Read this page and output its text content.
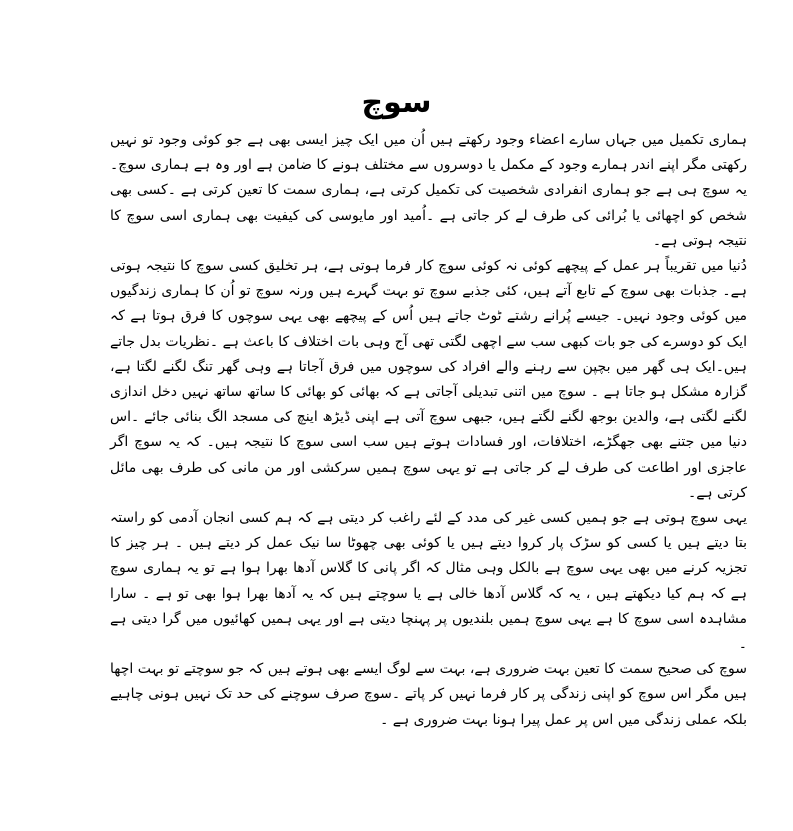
سوچ

ہماری تکمیل میں جہاں سارے اعضاء وجود رکھتے ہیں اُن میں ایک چیز ایسی بھی ہے جو کوئی وجود تو نہیں رکھتی مگر اپنے اندر ہمارے وجود کے مکمل یا دوسروں سے مختلف ہونے کا ضامن ہے اور وہ ہے ہماری سوچ۔ یہ سوچ ہی ہے جو ہماری انفرادی شخصیت کی تکمیل کرتی ہے، ہماری سمت کا تعین کرتی ہے ۔کسی بھی شخص کو اچھائی یا بُرائی کی طرف لے کر جاتی ہے ۔اُمید اور مایوسی کی کیفیت بھی ہماری اسی سوچ کا نتیجہ ہوتی ہے۔

دُنیا میں تقریباً ہر عمل کے پیچھے کوئی نہ کوئی سوچ کار فرما ہوتی ہے، ہر تخلیق کسی سوچ کا نتیجہ ہوتی ہے۔ جذبات بھی سوچ کے تابع آتے ہیں، کئی جذبے سوچ تو بہت گہرے ہیں ورنہ سوچ تو اُن کا ہماری زندگیوں میں کوئی وجود نہیں۔ جیسے پُرانے رشتے ٹوٹ جاتے ہیں اُس کے پیچھے بھی یہی سوچوں کا فرق ہوتا ہے کہ ایک کو دوسرے کی جو بات کبھی سب سے اچھی لگتی تھی آج وہی بات اختلاف کا باعث ہے ۔نظریات بدل جاتے ہیں۔ایک ہی گھر میں بچپن سے رہنے والے افراد کی سوچوں میں فرق آجاتا ہے وہی گھر تنگ لگنے لگتا ہے، گزارہ مشکل ہو جاتا ہے ۔ سوچ میں اتنی تبدیلی آجاتی ہے کہ بھائی کو بھائی کا ساتھ ساتھ نہیں دخل اندازی لگنے لگتی ہے، والدین بوجھ لگنے لگتے ہیں، جبھی سوچ آتی ہے اپنی ڈیڑھ اینچ کی مسجد الگ بنائی جائے ۔اس دنیا میں جتنے بھی جھگڑے، اختلافات، اور فسادات ہوتے ہیں سب اسی سوچ کا نتیجہ ہیں۔ کہ یہ سوچ اگر عاجزی اور اطاعت کی طرف لے کر جاتی ہے تو یہی سوچ ہمیں سرکشی اور من مانی کی طرف بھی مائل کرتی ہے۔

یہی سوچ ہوتی ہے جو ہمیں کسی غیر کی مدد کے لئے راغب کر دیتی ہے کہ ہم کسی انجان آدمی کو راستہ بتا دیتے ہیں یا کسی کو سڑک پار کروا دیتے ہیں یا کوئی بھی چھوٹا سا نیک عمل کر دیتے ہیں ۔ ہر چیز کا تجزیہ کرنے میں بھی یہی سوچ ہے بالکل وہی مثال کہ اگر پانی کا گلاس آدھا بھرا ہوا ہے تو یہ ہماری سوچ ہے کہ ہم کیا دیکھتے ہیں ، یہ کہ گلاس آدھا خالی ہے یا سوچتے ہیں کہ یہ آدھا بھرا ہوا بھی تو ہے ۔ سارا مشاہدہ اسی سوچ کا ہے یہی سوچ ہمیں بلندیوں پر پہنچا دیتی ہے اور یہی ہمیں کھائیوں میں گرا دیتی ہے ۔

سوچ کی صحیح سمت کا تعین بہت ضروری ہے، بہت سے لوگ ایسے بھی ہوتے ہیں کہ جو سوچتے تو بہت اچھا ہیں مگر اس سوچ کو اپنی زندگی پر کار فرما نہیں کر پاتے ۔سوچ صرف سوچنے کی حد تک نہیں ہونی چاہیے بلکہ عملی زندگی میں اس پر عمل پیرا ہونا بہت ضروری ہے ۔
